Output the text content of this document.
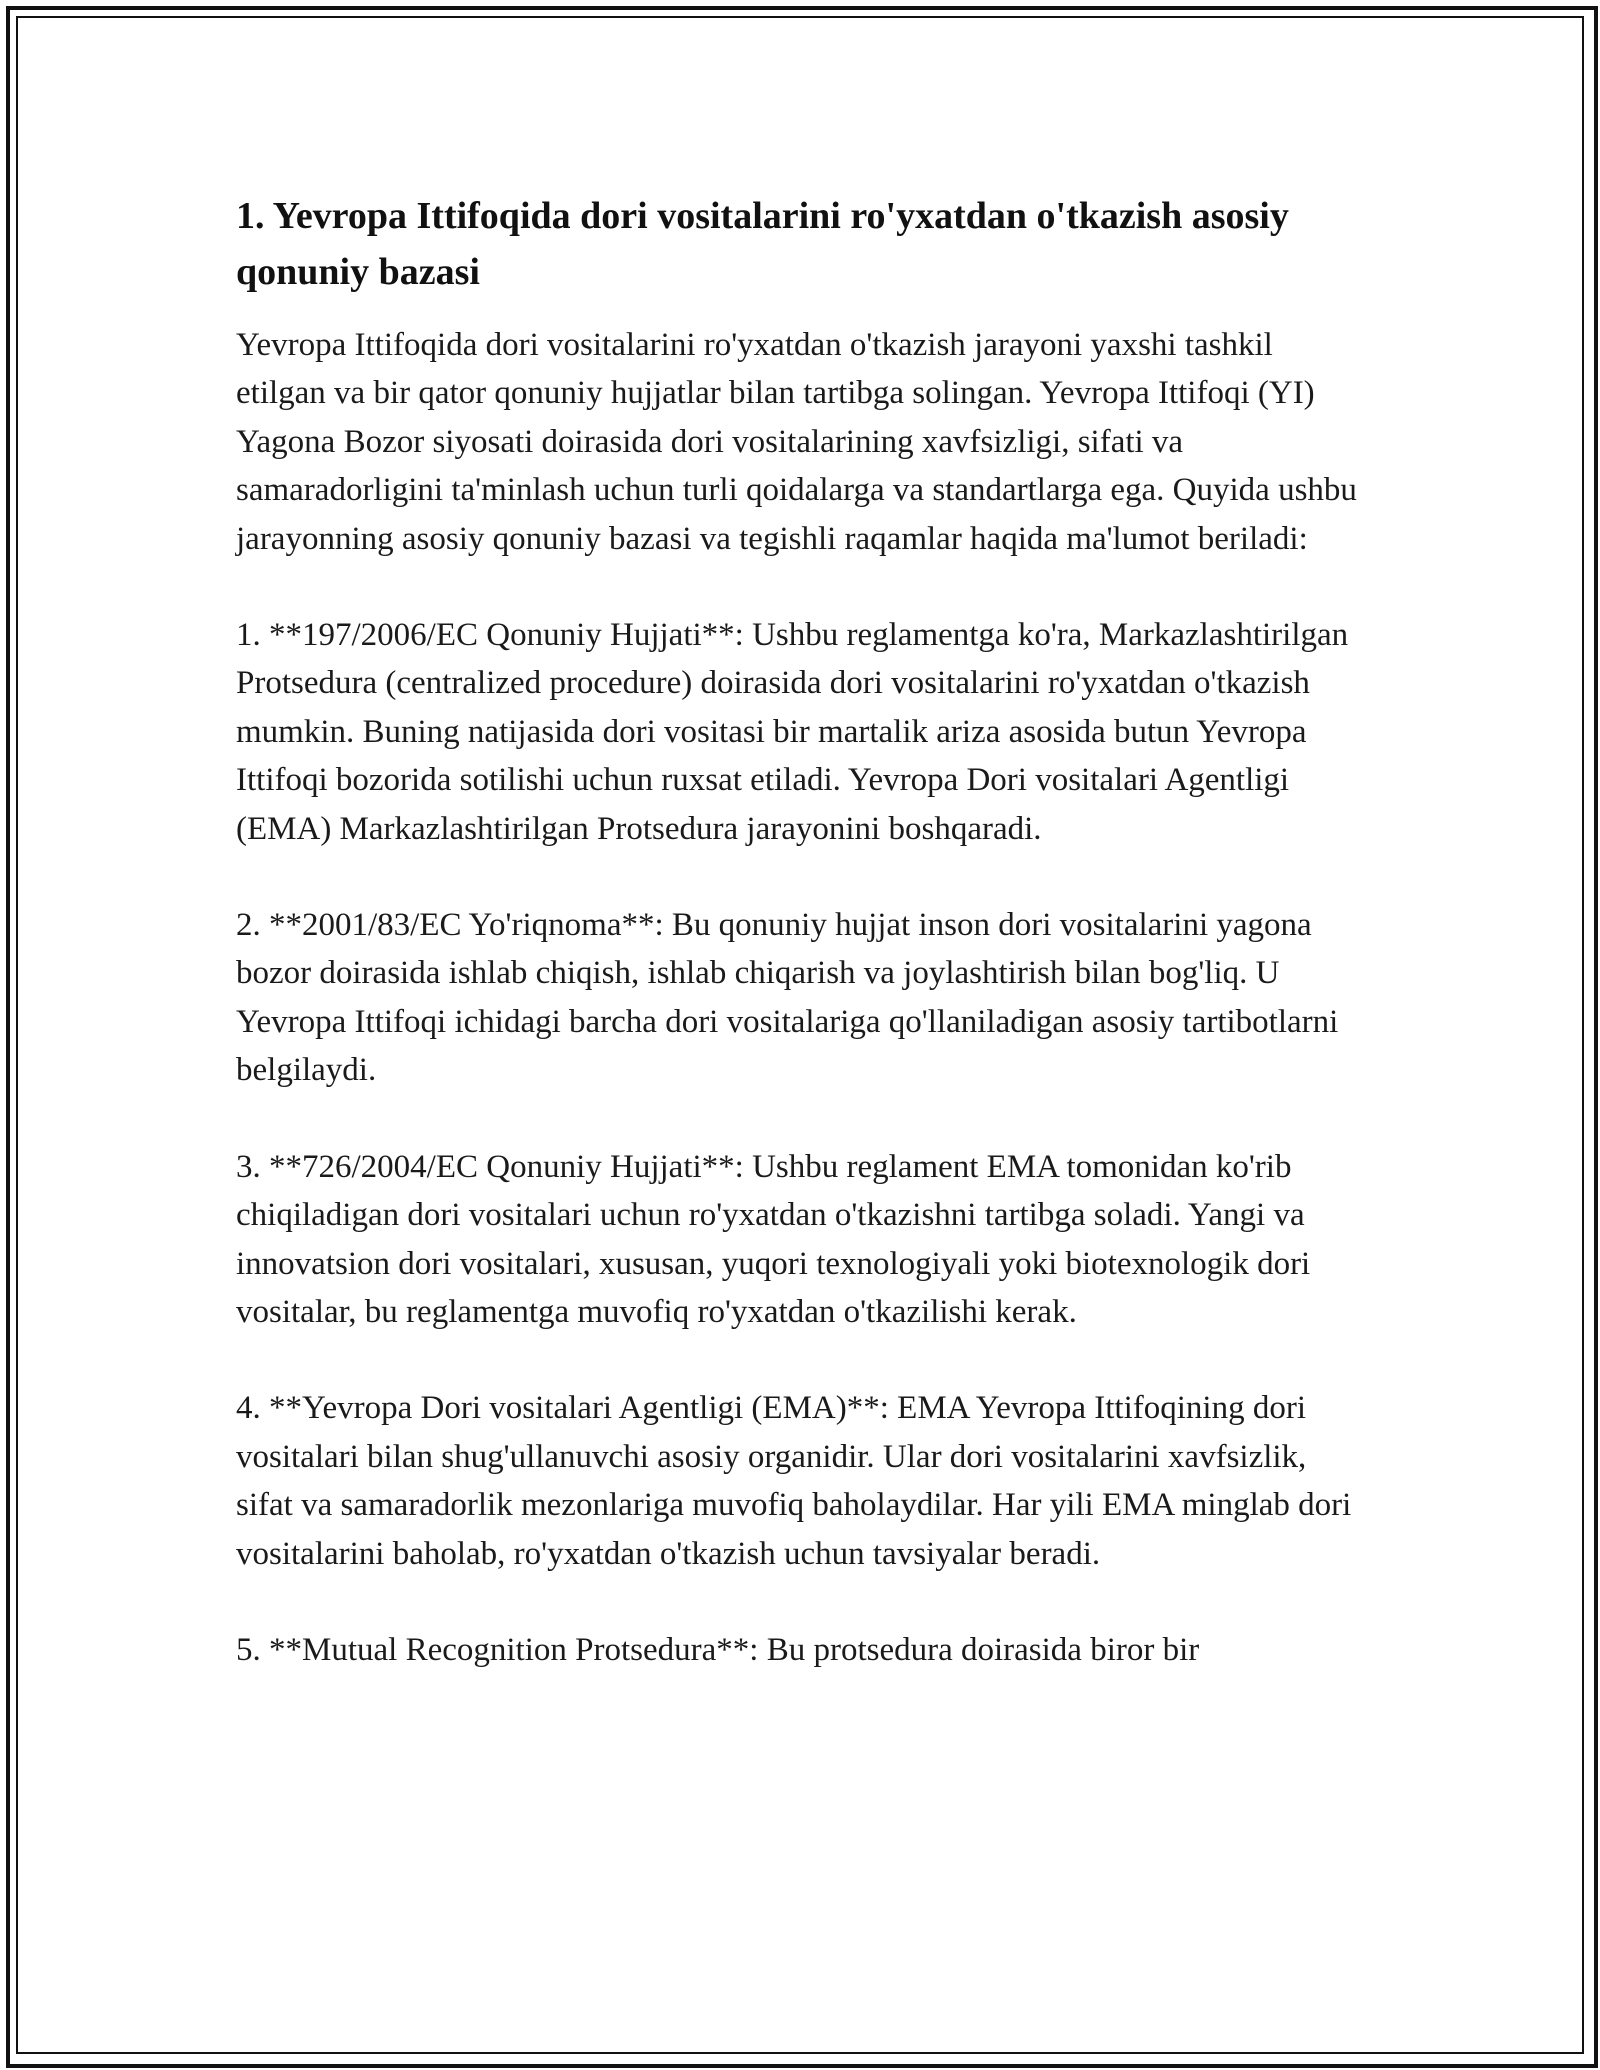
1. Yevropa Ittifoqida dori vositalarini ro'yxatdan o'tkazish asosiy qonuniy bazasi

Yevropa Ittifoqida dori vositalarini ro'yxatdan o'tkazish jarayoni yaxshi tashkil etilgan va bir qator qonuniy hujjatlar bilan tartibga solingan. Yevropa Ittifoqi (YI) Yagona Bozor siyosati doirasida dori vositalarining xavfsizligi, sifati va samaradorligini ta'minlash uchun turli qoidalarga va standartlarga ega. Quyida ushbu jarayonning asosiy qonuniy bazasi va tegishli raqamlar haqida ma'lumot beriladi:

1. **197/2006/EC Qonuniy Hujjati**: Ushbu reglamentga ko'ra, Markazlashtirilgan Protsedura (centralized procedure) doirasida dori vositalarini ro'yxatdan o'tkazish mumkin. Buning natijasida dori vositasi bir martalik ariza asosida butun Yevropa Ittifoqi bozorida sotilishi uchun ruxsat etiladi. Yevropa Dori vositalari Agentligi (EMA) Markazlashtirilgan Protsedura jarayonini boshqaradi.

2. **2001/83/EC Yo'riqnoma**: Bu qonuniy hujjat inson dori vositalarini yagona bozor doirasida ishlab chiqish, ishlab chiqarish va joylashtirish bilan bog'liq. U Yevropa Ittifoqi ichidagi barcha dori vositalariga qo'llaniladigan asosiy tartibotlarni belgilaydi.

3. **726/2004/EC Qonuniy Hujjati**: Ushbu reglament EMA tomonidan ko'rib chiqiladigan dori vositalari uchun ro'yxatdan o'tkazishni tartibga soladi. Yangi va innovatsion dori vositalari, xususan, yuqori texnologiyali yoki biotexnologik dori vositalar, bu reglamentga muvofiq ro'yxatdan o'tkazilishi kerak.

4. **Yevropa Dori vositalari Agentligi (EMA)**: EMA Yevropa Ittifoqining dori vositalari bilan shug'ullanuvchi asosiy organidir. Ular dori vositalarini xavfsizlik, sifat va samaradorlik mezonlariga muvofiq baholaydilar. Har yili EMA minglab dori vositalarini baholab, ro'yxatdan o'tkazish uchun tavsiyalar beradi.

5. **Mutual Recognition Protsedura**: Bu protsedura doirasida biror bir
